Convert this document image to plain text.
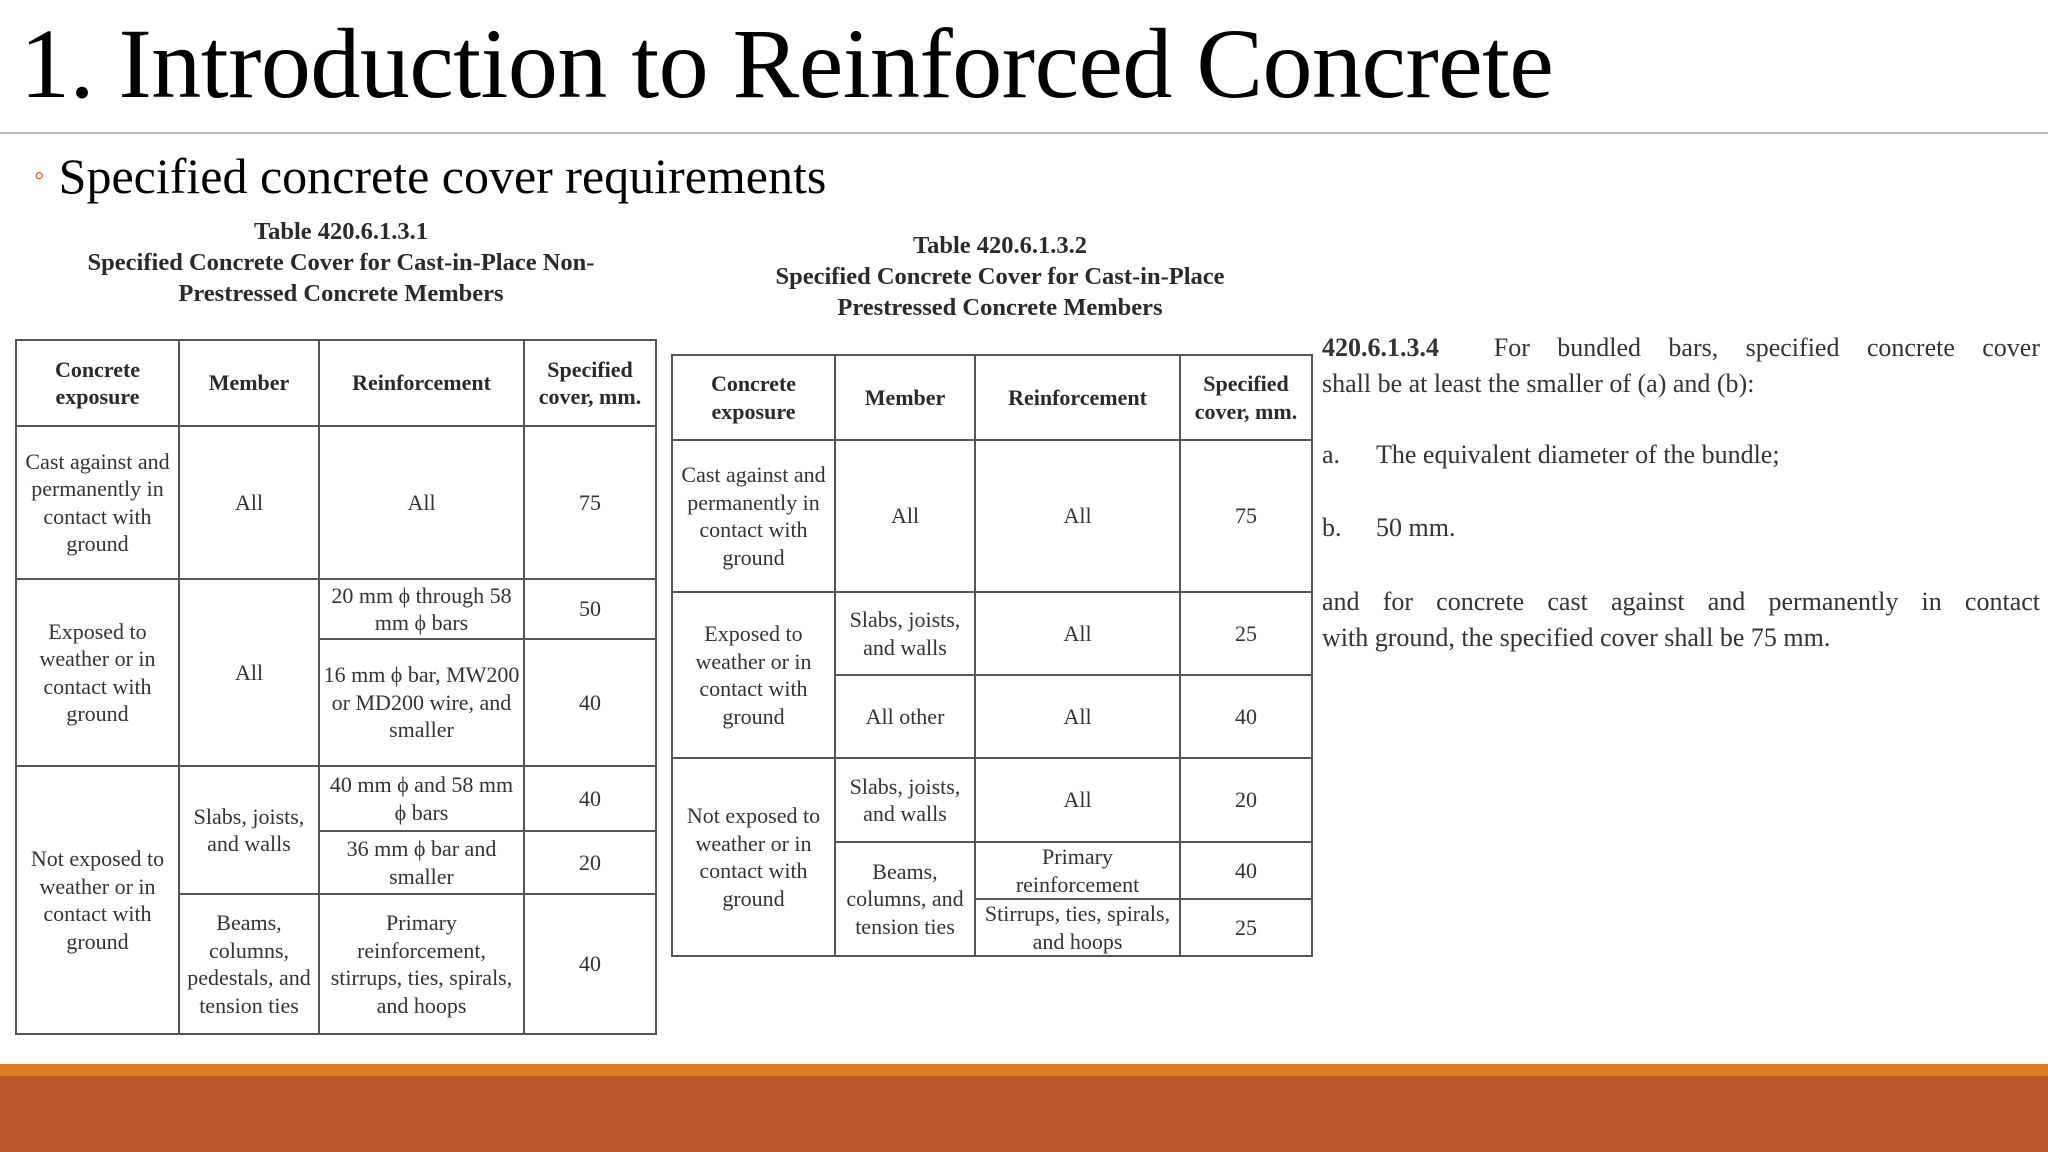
1. Introduction to Reinforced Concrete
◦ Specified concrete cover requirements
Table 420.6.1.3.1
Specified Concrete Cover for Cast-in-Place Non-
Prestressed Concrete Members
Concrete exposure	Member	Reinforcement	Specified cover, mm.
Cast against and permanently in contact with ground	All	All	75
Exposed to weather or in contact with ground	All	20 mm ϕ through 58 mm ϕ bars	50
		16 mm ϕ bar, MW200 or MD200 wire, and smaller	40
Not exposed to weather or in contact with ground	Slabs, joists, and walls	40 mm ϕ and 58 mm ϕ bars	40
		36 mm ϕ bar and smaller	20
	Beams, columns, pedestals, and tension ties	Primary reinforcement, stirrups, ties, spirals, and hoops	40
Table 420.6.1.3.2
Specified Concrete Cover for Cast-in-Place
Prestressed Concrete Members
Concrete exposure	Member	Reinforcement	Specified cover, mm.
Cast against and permanently in contact with ground	All	All	75
Exposed to weather or in contact with ground	Slabs, joists, and walls	All	25
	All other	All	40
Not exposed to weather or in contact with ground	Slabs, joists, and walls	All	20
	Beams, columns, and tension ties	Primary reinforcement	40
		Stirrups, ties, spirals, and hoops	25

420.6.1.3.4 For bundled bars, specified concrete cover

shall be at least the smaller of (a) and (b):

a. The equivalent diameter of the bundle;

b. 50 mm.

and for concrete cast against and permanently in contact

with ground, the specified cover shall be 75 mm.
